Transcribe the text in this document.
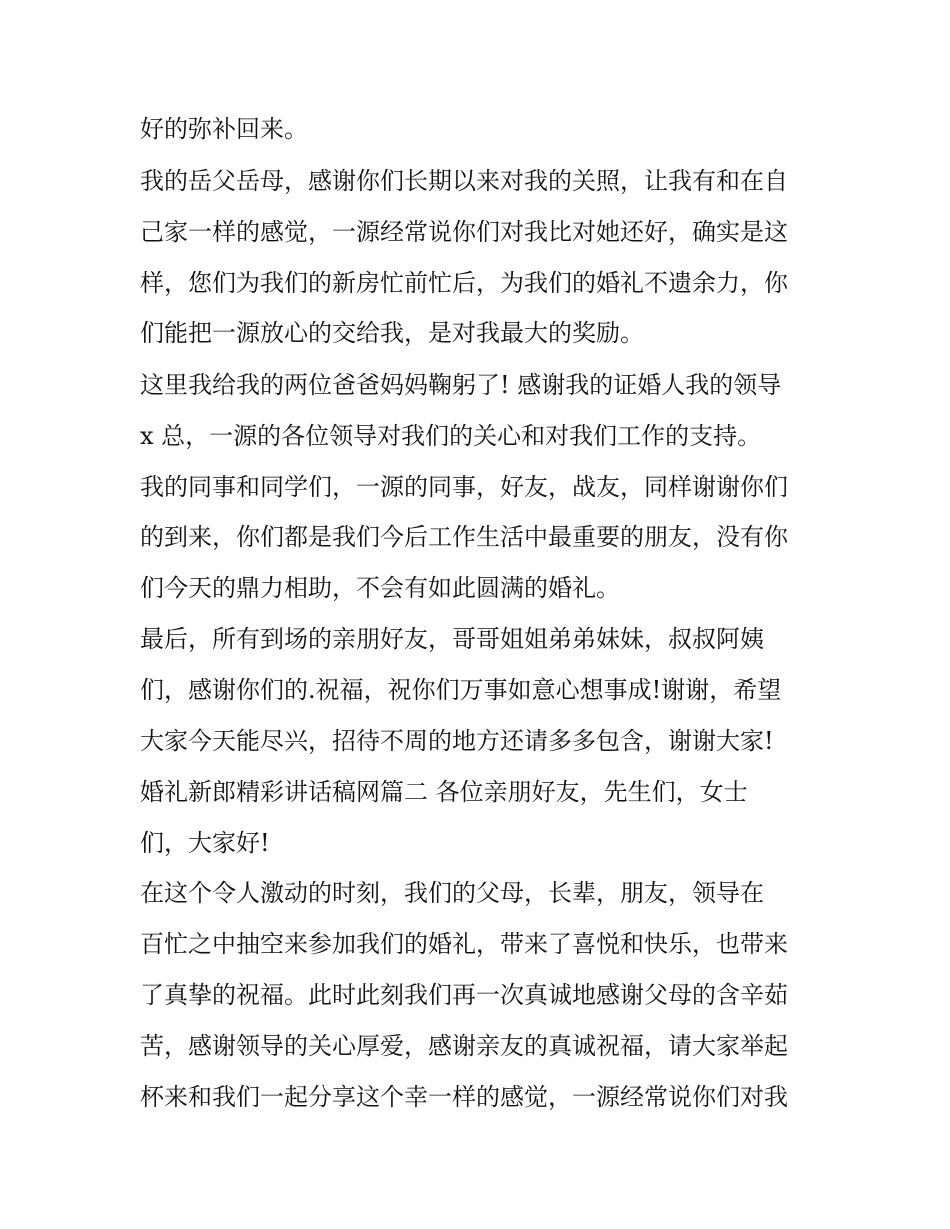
好的弥补回来。

我的岳父岳母，感谢你们长期以来对我的关照，让我有和在自

己家一样的感觉，一源经常说你们对我比对她还好，确实是这

样，您们为我们的新房忙前忙后，为我们的婚礼不遗余力，你

们能把一源放心的交给我，是对我最大的奖励。

这里我给我的两位爸爸妈妈鞠躬了! 感谢我的证婚人我的领导

x 总，一源的各位领导对我们的关心和对我们工作的支持。

我的同事和同学们，一源的同事，好友，战友，同样谢谢你们

的到来，你们都是我们今后工作生活中最重要的朋友，没有你

们今天的鼎力相助，不会有如此圆满的婚礼。

最后，所有到场的亲朋好友，哥哥姐姐弟弟妹妹，叔叔阿姨

们，感谢你们的.祝福，祝你们万事如意心想事成!谢谢，希望

大家今天能尽兴，招待不周的地方还请多多包含，谢谢大家!

婚礼新郎精彩讲话稿网篇二 各位亲朋好友，先生们，女士

们，大家好!

在这个令人激动的时刻，我们的父母，长辈，朋友，领导在

百忙之中抽空来参加我们的婚礼，带来了喜悦和快乐，也带来

了真挚的祝福。此时此刻我们再一次真诚地感谢父母的含辛茹

苦，感谢领导的关心厚爱，感谢亲友的真诚祝福，请大家举起

杯来和我们一起分享这个幸一样的感觉，一源经常说你们对我
